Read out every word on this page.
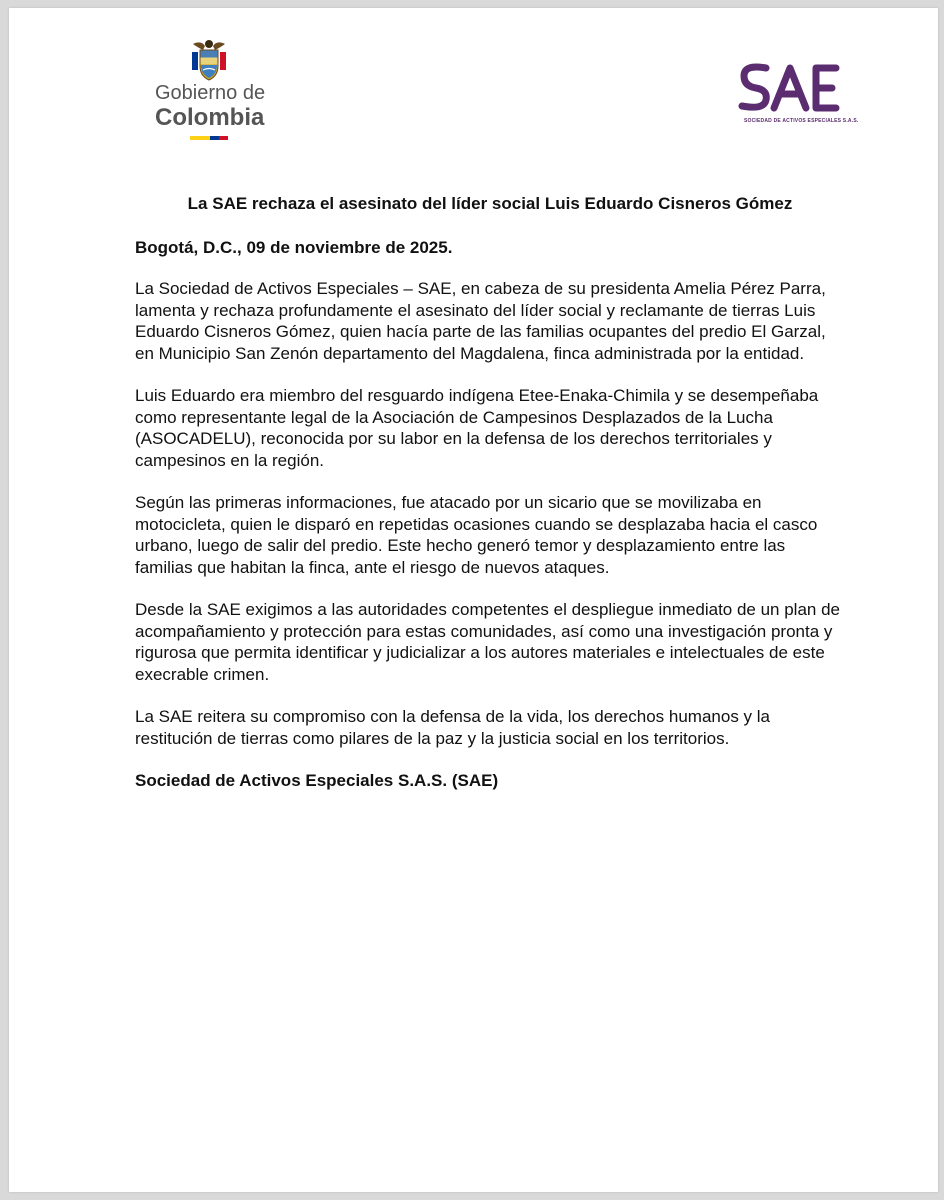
Gobierno de
Colombia	SOCIEDAD DE ACTIVOS ESPECIALES S.A.S.
La SAE rechaza el asesinato del líder social Luis Eduardo Cisneros Gómez

Bogotá, D.C., 09 de noviembre de 2025.

La Sociedad de Activos Especiales – SAE, en cabeza de su presidenta Amelia Pérez Parra, lamenta y rechaza profundamente el asesinato del líder social y reclamante de tierras Luis Eduardo Cisneros Gómez, quien hacía parte de las familias ocupantes del predio El Garzal, en Municipio San Zenón departamento del Magdalena, finca administrada por la entidad.

Luis Eduardo era miembro del resguardo indígena Etee-Enaka-Chimila y se desempeñaba como representante legal de la Asociación de Campesinos Desplazados de la Lucha (ASOCADELU), reconocida por su labor en la defensa de los derechos territoriales y campesinos en la región.

Según las primeras informaciones, fue atacado por un sicario que se movilizaba en motocicleta, quien le disparó en repetidas ocasiones cuando se desplazaba hacia el casco urbano, luego de salir del predio. Este hecho generó temor y desplazamiento entre las familias que habitan la finca, ante el riesgo de nuevos ataques.

Desde la SAE exigimos a las autoridades competentes el despliegue inmediato de un plan de acompañamiento y protección para estas comunidades, así como una investigación pronta y rigurosa que permita identificar y judicializar a los autores materiales e intelectuales de este execrable crimen.

La SAE reitera su compromiso con la defensa de la vida, los derechos humanos y la restitución de tierras como pilares de la paz y la justicia social en los territorios.

Sociedad de Activos Especiales S.A.S. (SAE)
